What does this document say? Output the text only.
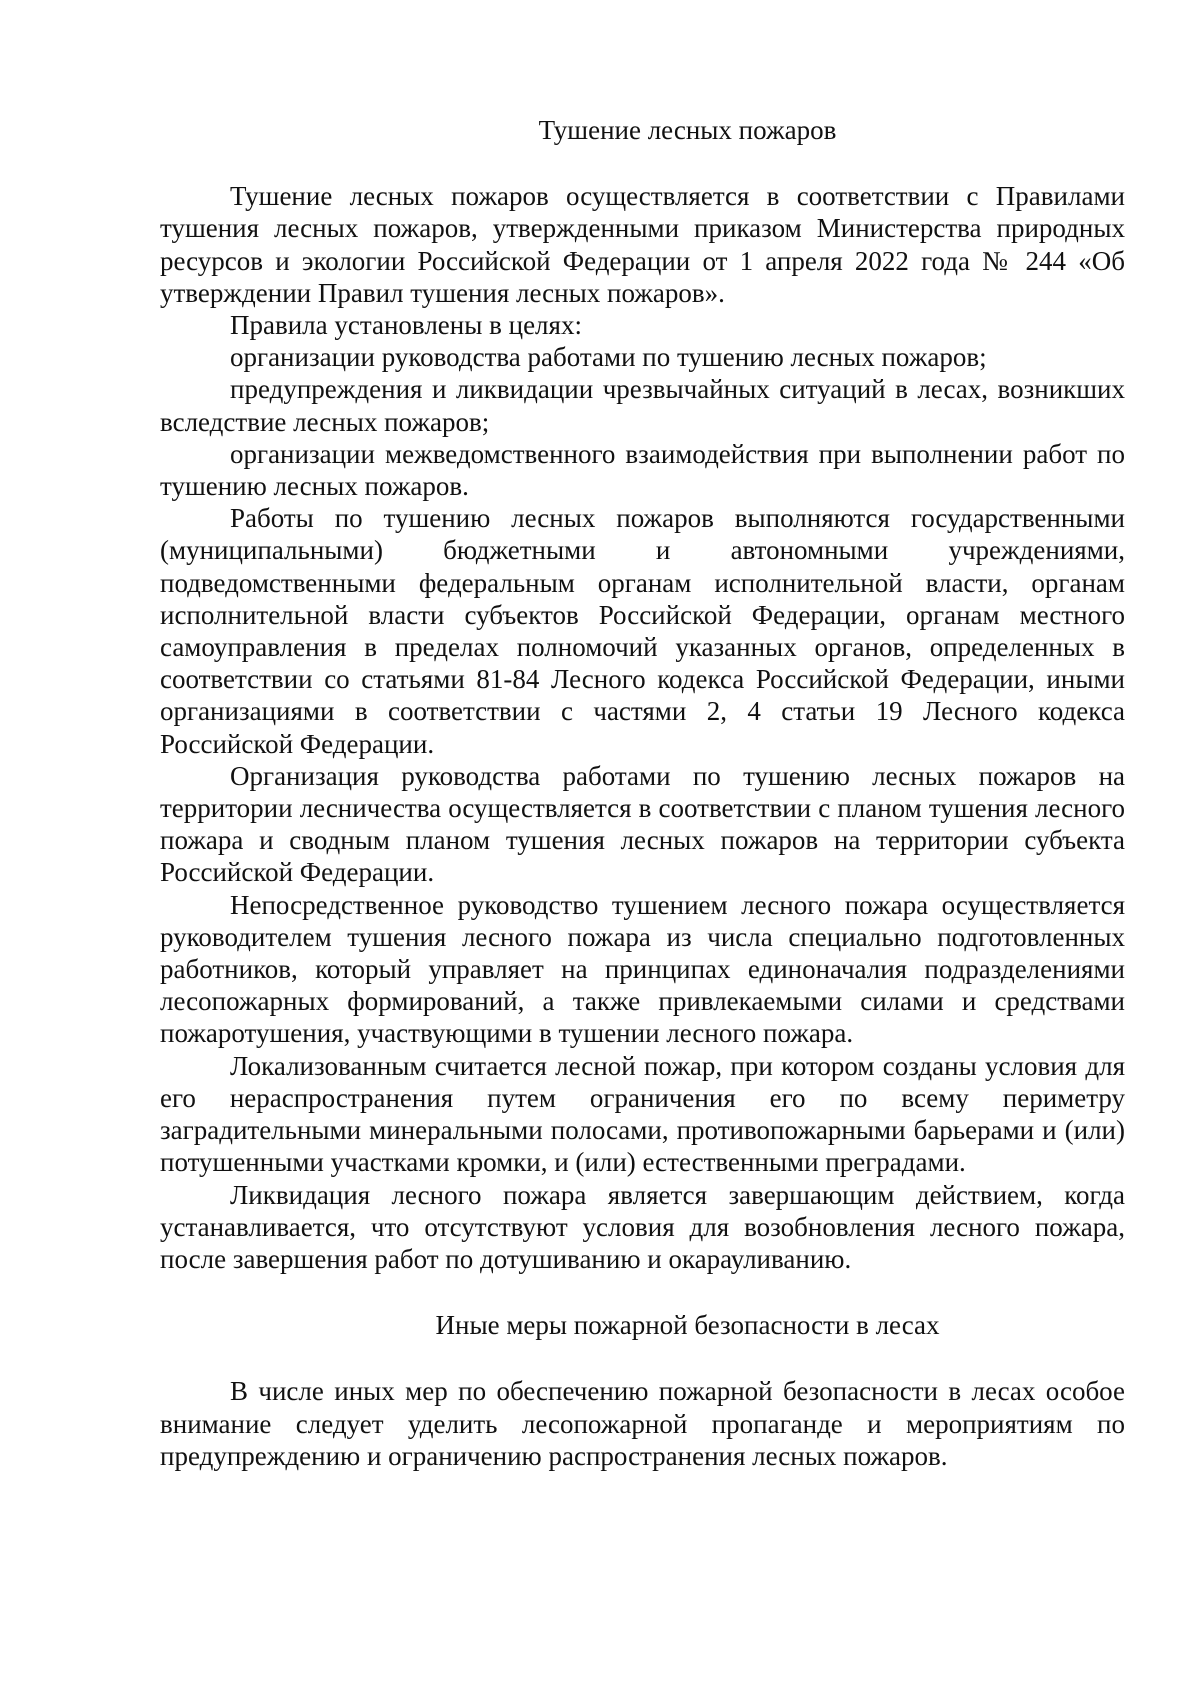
Тушение лесных пожаров

Тушение лесных пожаров осуществляется в соответствии с Правилами тушения лесных пожаров, утвержденными приказом Министерства природных ресурсов и экологии Российской Федерации от 1 апреля 2022 года № 244 «Об утверждении Правил тушения лесных пожаров».

Правила установлены в целях:

организации руководства работами по тушению лесных пожаров;

предупреждения и ликвидации чрезвычайных ситуаций в лесах, возникших вследствие лесных пожаров;

организации межведомственного взаимодействия при выполнении работ по тушению лесных пожаров.

Работы по тушению лесных пожаров выполняются государственными (муниципальными) бюджетными и автономными учреждениями, подведомственными федеральным органам исполнительной власти, органам исполнительной власти субъектов Российской Федерации, органам местного самоуправления в пределах полномочий указанных органов, определенных в соответствии со статьями 81-84 Лесного кодекса Российской Федерации, иными организациями в соответствии с частями 2, 4 статьи 19 Лесного кодекса Российской Федерации.

Организация руководства работами по тушению лесных пожаров на территории лесничества осуществляется в соответствии с планом тушения лесного пожара и сводным планом тушения лесных пожаров на территории субъекта Российской Федерации.

Непосредственное руководство тушением лесного пожара осуществляется руководителем тушения лесного пожара из числа специально подготовленных работников, который управляет на принципах единоначалия подразделениями лесопожарных формирований, а также привлекаемыми силами и средствами пожаротушения, участвующими в тушении лесного пожара.

Локализованным считается лесной пожар, при котором созданы условия для его нераспространения путем ограничения его по всему периметру заградительными минеральными полосами, противопожарными барьерами и (или) потушенными участками кромки, и (или) естественными преградами.

Ликвидация лесного пожара является завершающим действием, когда устанавливается, что отсутствуют условия для возобновления лесного пожара, после завершения работ по дотушиванию и окарауливанию.

Иные меры пожарной безопасности в лесах

В числе иных мер по обеспечению пожарной безопасности в лесах особое внимание следует уделить лесопожарной пропаганде и мероприятиям по предупреждению и ограничению распространения лесных пожаров.
